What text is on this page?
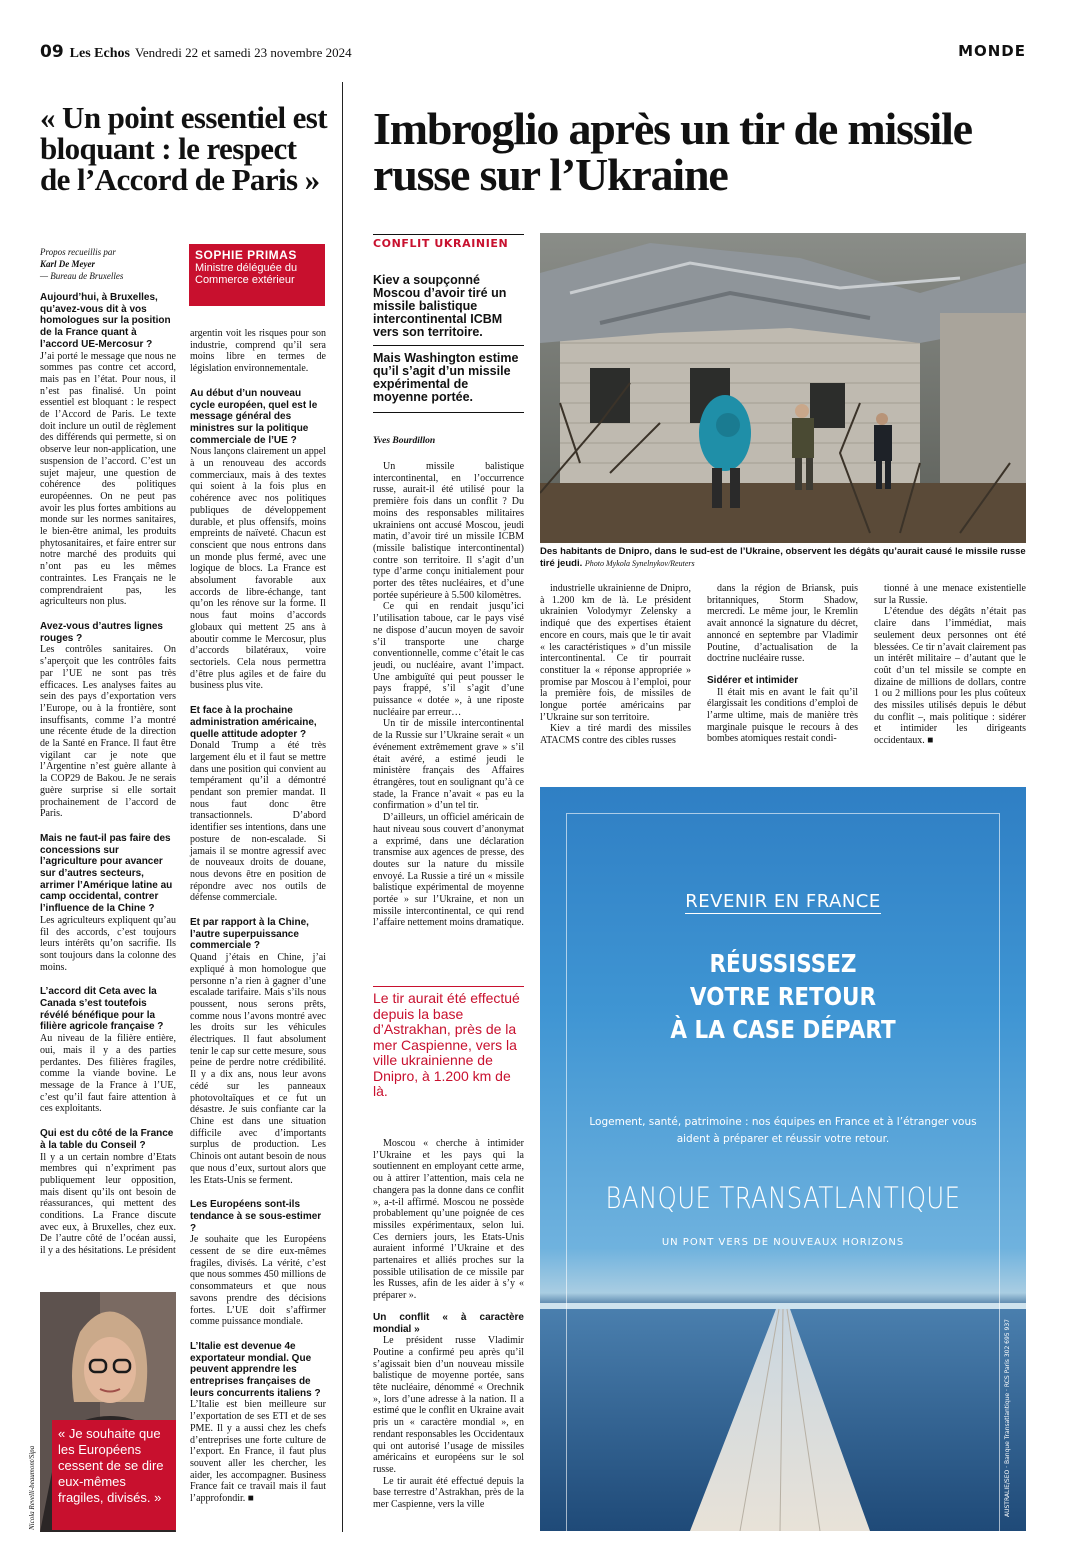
09 Les Echos Vendredi 22 et samedi 23 novembre 2024	MONDE
« Un point essentiel est bloquant : le respect de l’Accord de Paris »
Propos recueillis par
Karl De Meyer
— Bureau de Bruxelles
SOPHIE PRIMAS
Ministre déléguée du Commerce extérieur

Aujourd’hui, à Bruxelles, qu’avez-vous dit à vos homologues sur la position de la France quant à l’accord UE-Mercosur ?

J’ai porté le message que nous ne sommes pas contre cet accord, mais pas en l’état. Pour nous, il n’est pas finalisé. Un point essentiel est bloquant : le respect de l’Accord de Paris. Le texte doit inclure un outil de règlement des différends qui permette, si on observe leur non-application, une suspension de l’accord. C’est un sujet majeur, une question de cohérence des politiques européennes. On ne peut pas avoir les plus fortes ambitions au monde sur les normes sanitaires, le bien-être animal, les produits phytosanitaires, et faire entrer sur notre marché des produits qui n’ont pas eu les mêmes contraintes. Les Français ne le comprendraient pas, les agriculteurs non plus.

Avez-vous d’autres lignes rouges ?

Les contrôles sanitaires. On s’aperçoit que les contrôles faits par l’UE ne sont pas très efficaces. Les analyses faites au sein des pays d’exportation vers l’Europe, ou à la frontière, sont insuffisants, comme l’a montré une récente étude de la direction de la Santé en France. Il faut être vigilant car je note que l’Argentine n’est guère allante à la COP29 de Bakou. Je ne serais guère surprise si elle sortait prochainement de l’accord de Paris.

Mais ne faut-il pas faire des concessions sur l’agriculture pour avancer sur d’autres secteurs, arrimer l’Amérique latine au camp occidental, contrer l’influence de la Chine ?

Les agriculteurs expliquent qu’au fil des accords, c’est toujours leurs intérêts qu’on sacrifie. Ils sont toujours dans la colonne des moins.

L’accord dit Ceta avec la Canada s’est toutefois révélé bénéfique pour la filière agricole française ?

Au niveau de la filière entière, oui, mais il y a des parties perdantes. Des filières fragiles, comme la viande bovine. Le message de la France à l’UE, c’est qu’il faut faire attention à ces exploitants.

Qui est du côté de la France à la table du Conseil ?

Il y a un certain nombre d’Etats membres qui n’expriment pas publiquement leur opposition, mais disent qu’ils ont besoin de réassurances, qui mettent des conditions. La France discute avec eux, à Bruxelles, chez eux. De l’autre côté de l’océan aussi, il y a des hésitations. Le président

argentin voit les risques pour son industrie, comprend qu’il sera moins libre en termes de législation environnementale.

Au début d’un nouveau cycle européen, quel est le message général des ministres sur la politique commerciale de l’UE ?

Nous lançons clairement un appel à un renouveau des accords commerciaux, mais à des textes qui soient à la fois plus en cohérence avec nos politiques publiques de développement durable, et plus offensifs, moins empreints de naïveté. Chacun est conscient que nous entrons dans un monde plus fermé, avec une logique de blocs. La France est absolument favorable aux accords de libre-échange, tant qu’on les rénove sur la forme. Il nous faut moins d’accords globaux qui mettent 25 ans à aboutir comme le Mercosur, plus d’accords bilatéraux, voire sectoriels. Cela nous permettra d’être plus agiles et de faire du business plus vite.

Et face à la prochaine administration américaine, quelle attitude adopter ?

Donald Trump a été très largement élu et il faut se mettre dans une position qui convient au tempérament qu’il a démontré pendant son premier mandat. Il nous faut donc être transactionnels. D’abord identifier ses intentions, dans une posture de non-escalade. Si jamais il se montre agressif avec de nouveaux droits de douane, nous devons être en position de répondre avec nos outils de défense commerciale.

Et par rapport à la Chine, l’autre superpuissance commerciale ?

Quand j’étais en Chine, j’ai expliqué à mon homologue que personne n’a rien à gagner d’une escalade tarifaire. Mais s’ils nous poussent, nous serons prêts, comme nous l’avons montré avec les droits sur les véhicules électriques. Il faut absolument tenir le cap sur cette mesure, sous peine de perdre notre crédibilité. Il y a dix ans, nous leur avons cédé sur les panneaux photovoltaïques et ce fut un désastre. Je suis confiante car la Chine est dans une situation difficile avec d’importants surplus de production. Les Chinois ont autant besoin de nous que nous d’eux, surtout alors que les Etats-Unis se ferment.

Les Européens sont-ils tendance à se sous-estimer ?

Je souhaite que les Européens cessent de se dire eux-mêmes fragiles, divisés. La vérité, c’est que nous sommes 450 millions de consommateurs et que nous savons prendre des décisions fortes. L’UE doit s’affirmer comme puissance mondiale.

L’Italie est devenue 4e exportateur mondial. Que peuvent apprendre les entreprises françaises de leurs concurrents italiens ?

L’Italie est bien meilleure sur l’exportation de ses ETI et de ses PME. Il y a aussi chez les chefs d’entreprises une forte culture de l’export. En France, il faut plus souvent aller les chercher, les aider, les accompagner. Business France fait ce travail mais il faut l’approfondir. ■

« Je souhaite que les Européens cessent de se dire eux-mêmes fragiles, divisés. »
Nicola Revelli-beaumont/Sipa
Imbroglio après un tir de missile russe sur l’Ukraine
CONFLIT UKRAINIEN

Kiev a soupçonné Moscou d’avoir tiré un missile balistique intercontinental ICBM vers son territoire.

Mais Washington estime qu’il s’agit d’un missile expérimental de moyenne portée.

Yves Bourdillon

Un missile balistique intercontinental, en l’occurrence russe, aurait-il été utilisé pour la première fois dans un conflit ? Du moins des responsables militaires ukrainiens ont accusé Moscou, jeudi matin, d’avoir tiré un missile ICBM (missile balistique intercontinental) contre son territoire. Il s’agit d’un type d’arme conçu initialement pour porter des têtes nucléaires, et d’une portée supérieure à 5.500 kilomètres.

Ce qui en rendait jusqu’ici l’utilisation taboue, car le pays visé ne dispose d’aucun moyen de savoir s’il transporte une charge conventionnelle, comme c’était le cas jeudi, ou nucléaire, avant l’impact. Une ambiguïté qui peut pousser le pays frappé, s’il s’agit d’une puissance « dotée », à une riposte nucléaire par erreur…

Un tir de missile intercontinental de la Russie sur l’Ukraine serait « un événement extrêmement grave » s’il était avéré, a estimé jeudi le ministère français des Affaires étrangères, tout en soulignant qu’à ce stade, la France n’avait « pas eu la confirmation » d’un tel tir.

D’ailleurs, un officiel américain de haut niveau sous couvert d’anonymat a exprimé, dans une déclaration transmise aux agences de presse, des doutes sur la nature du missile envoyé. La Russie a tiré un « missile balistique expérimental de moyenne portée » sur l’Ukraine, et non un missile intercontinental, ce qui rend l’affaire nettement moins dramatique.

Le tir aurait été effectué depuis la base d’Astrakhan, près de la mer Caspienne, vers la ville ukrainienne de Dnipro, à 1.200 km de là.

Moscou « cherche à intimider l’Ukraine et les pays qui la soutiennent en employant cette arme, ou à attirer l’attention, mais cela ne changera pas la donne dans ce conflit », a-t-il affirmé. Moscou ne possède probablement qu’une poignée de ces missiles expérimentaux, selon lui. Ces derniers jours, les Etats-Unis auraient informé l’Ukraine et des partenaires et alliés proches sur la possible utilisation de ce missile par les Russes, afin de les aider à s’y « préparer ».

Un conflit « à caractère mondial »

Le président russe Vladimir Poutine a confirmé peu après qu’il s’agissait bien d’un nouveau missile balistique de moyenne portée, sans tête nucléaire, dénommé « Orechnik », lors d’une adresse à la nation. Il a estimé que le conflit en Ukraine avait pris un « caractère mondial », en rendant responsables les Occidentaux qui ont autorisé l’usage de missiles américains et européens sur le sol russe.

Le tir aurait été effectué depuis la base terrestre d’Astrakhan, près de la mer Caspienne, vers la ville

industrielle ukrainienne de Dnipro, à 1.200 km de là. Le président ukrainien Volodymyr Zelensky a indiqué que des expertises étaient encore en cours, mais que le tir avait « les caractéristiques » d’un missile intercontinental. Ce tir pourrait constituer la « réponse appropriée » promise par Moscou à l’emploi, pour la première fois, de missiles de longue portée américains par l’Ukraine sur son territoire.

Kiev a tiré mardi des missiles ATACMS contre des cibles russes

dans la région de Briansk, puis britanniques, Storm Shadow, mercredi. Le même jour, le Kremlin avait annoncé la signature du décret, annoncé en septembre par Vladimir Poutine, d’actualisation de la doctrine nucléaire russe.

Sidérer et intimider

Il était mis en avant le fait qu’il élargissait les conditions d’emploi de l’arme ultime, mais de manière très marginale puisque le recours à des bombes atomiques restait condi-

tionné à une menace existentielle sur la Russie.

L’étendue des dégâts n’était pas claire dans l’immédiat, mais seulement deux personnes ont été blessées. Ce tir n’avait clairement pas un intérêt militaire – d’autant que le coût d’un tel missile se compte en dizaine de millions de dollars, contre 1 ou 2 millions pour les plus coûteux des missiles utilisés depuis le début du conflit –, mais politique : sidérer et intimider les dirigeants occidentaux. ■

Des habitants de Dnipro, dans le sud-est de l’Ukraine, observent les dégâts qu’aurait causé le missile russe tiré jeudi. Photo Mykola Synelnykov/Reuters
REVENIR EN FRANCE
RÉUSSISSEZ
VOTRE RETOUR
À LA CASE DÉPART
Logement, santé, patrimoine : nos équipes en France et à l’étranger vous aident à préparer et réussir votre retour.
BANQUE TRANSATLANTIQUE
UN PONT VERS DE NOUVEAUX HORIZONS
AUSTRALIE/SEO · Banque Transatlantique · RCS Paris 302 695 937
